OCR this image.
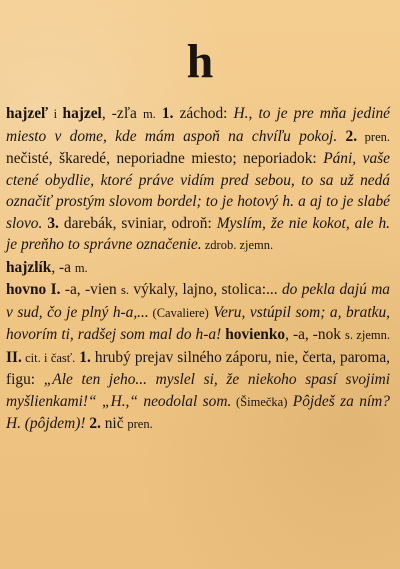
h

hajzeľ i hajzel, -zľa m. 1. záchod: H., to je pre mňa jediné miesto v dome, kde mám aspoň na chvíľu pokoj. 2. pren. nečisté, škaredé, neporiadne miesto; neporiadok: Páni, vaše ctené obydlie, ktoré práve vidím pred sebou, to sa už nedá označiť prostým slovom bordel; to je hotový h. a aj to je slabé slovo. 3. darebák, sviniar, odroň: Myslím, že nie kokot, ale h. je preňho to správne označenie. zdrob. zjemn.
hajzlík, -a m.

hovno I. -a, -vien s. výkaly, lajno, stolica:... do pekla dajú ma v sud, čo je plný h-a,... (Cavaliere) Veru, vstúpil som; a, bratku, hovorím ti, radšej som mal do h-a! hovienko, -a, -nok s. zjemn. II. cit. i časť. 1. hrubý prejav silného záporu, nie, čerta, paroma, figu: „Ale ten jeho... myslel si, že niekoho spasí svojimi myšlienkami!“ „H.,“ neodolal som. (Šimečka) Pôjdeš za ním? H. (pôjdem)! 2. nič pren.
